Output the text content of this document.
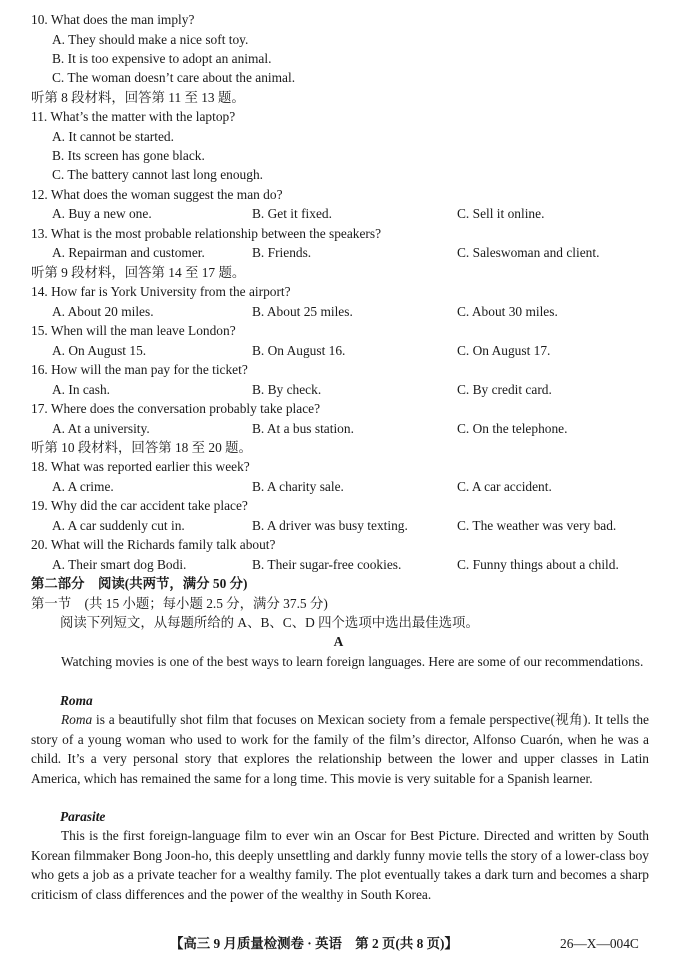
10. What does the man imply?
A. They should make a nice soft toy.
B. It is too expensive to adopt an animal.
C. The woman doesn’t care about the animal.
听第 8 段材料，回答第 11 至 13 题。
11. What’s the matter with the laptop?
A. It cannot be started.
B. Its screen has gone black.
C. The battery cannot last long enough.
12. What does the woman suggest the man do?
A. Buy a new one.	B. Get it fixed.	C. Sell it online.
13. What is the most probable relationship between the speakers?
A. Repairman and customer.	B. Friends.	C. Saleswoman and client.
听第 9 段材料，回答第 14 至 17 题。
14. How far is York University from the airport?
A. About 20 miles.	B. About 25 miles.	C. About 30 miles.
15. When will the man leave London?
A. On August 15.	B. On August 16.	C. On August 17.
16. How will the man pay for the ticket?
A. In cash.	B. By check.	C. By credit card.
17. Where does the conversation probably take place?
A. At a university.	B. At a bus station.	C. On the telephone.
听第 10 段材料，回答第 18 至 20 题。
18. What was reported earlier this week?
A. A crime.	B. A charity sale.	C. A car accident.
19. Why did the car accident take place?
A. A car suddenly cut in.	B. A driver was busy texting.	C. The weather was very bad.
20. What will the Richards family talk about?
A. Their smart dog Bodi.	B. Their sugar-free cookies.	C. Funny things about a child.
第二部分　阅读(共两节，满分 50 分)
第一节　(共 15 小题；每小题 2.5 分，满分 37.5 分)
阅读下列短文，从每题所给的 A、B、C、D 四个选项中选出最佳选项。
A

Watching movies is one of the best ways to learn foreign languages. Here are some of our recommendations.

Roma

Roma is a beautifully shot film that focuses on Mexican society from a female perspective(视角). It tells the story of a young woman who used to work for the family of the film’s director, Alfonso Cuarón, when he was a child. It’s a very personal story that explores the relationship between the lower and upper classes in Latin America, which has remained the same for a long time. This movie is very suitable for a Spanish learner.

Parasite

This is the first foreign-language film to ever win an Oscar for Best Picture. Directed and written by South Korean filmmaker Bong Joon-ho, this deeply unsettling and darkly funny movie tells the story of a lower-class boy who gets a job as a private teacher for a wealthy family. The plot eventually takes a dark turn and becomes a sharp criticism of class differences and the power of the wealthy in South Korea.

【高三 9 月质量检测卷 · 英语　第 2 页(共 8 页)】	26—X—004C
